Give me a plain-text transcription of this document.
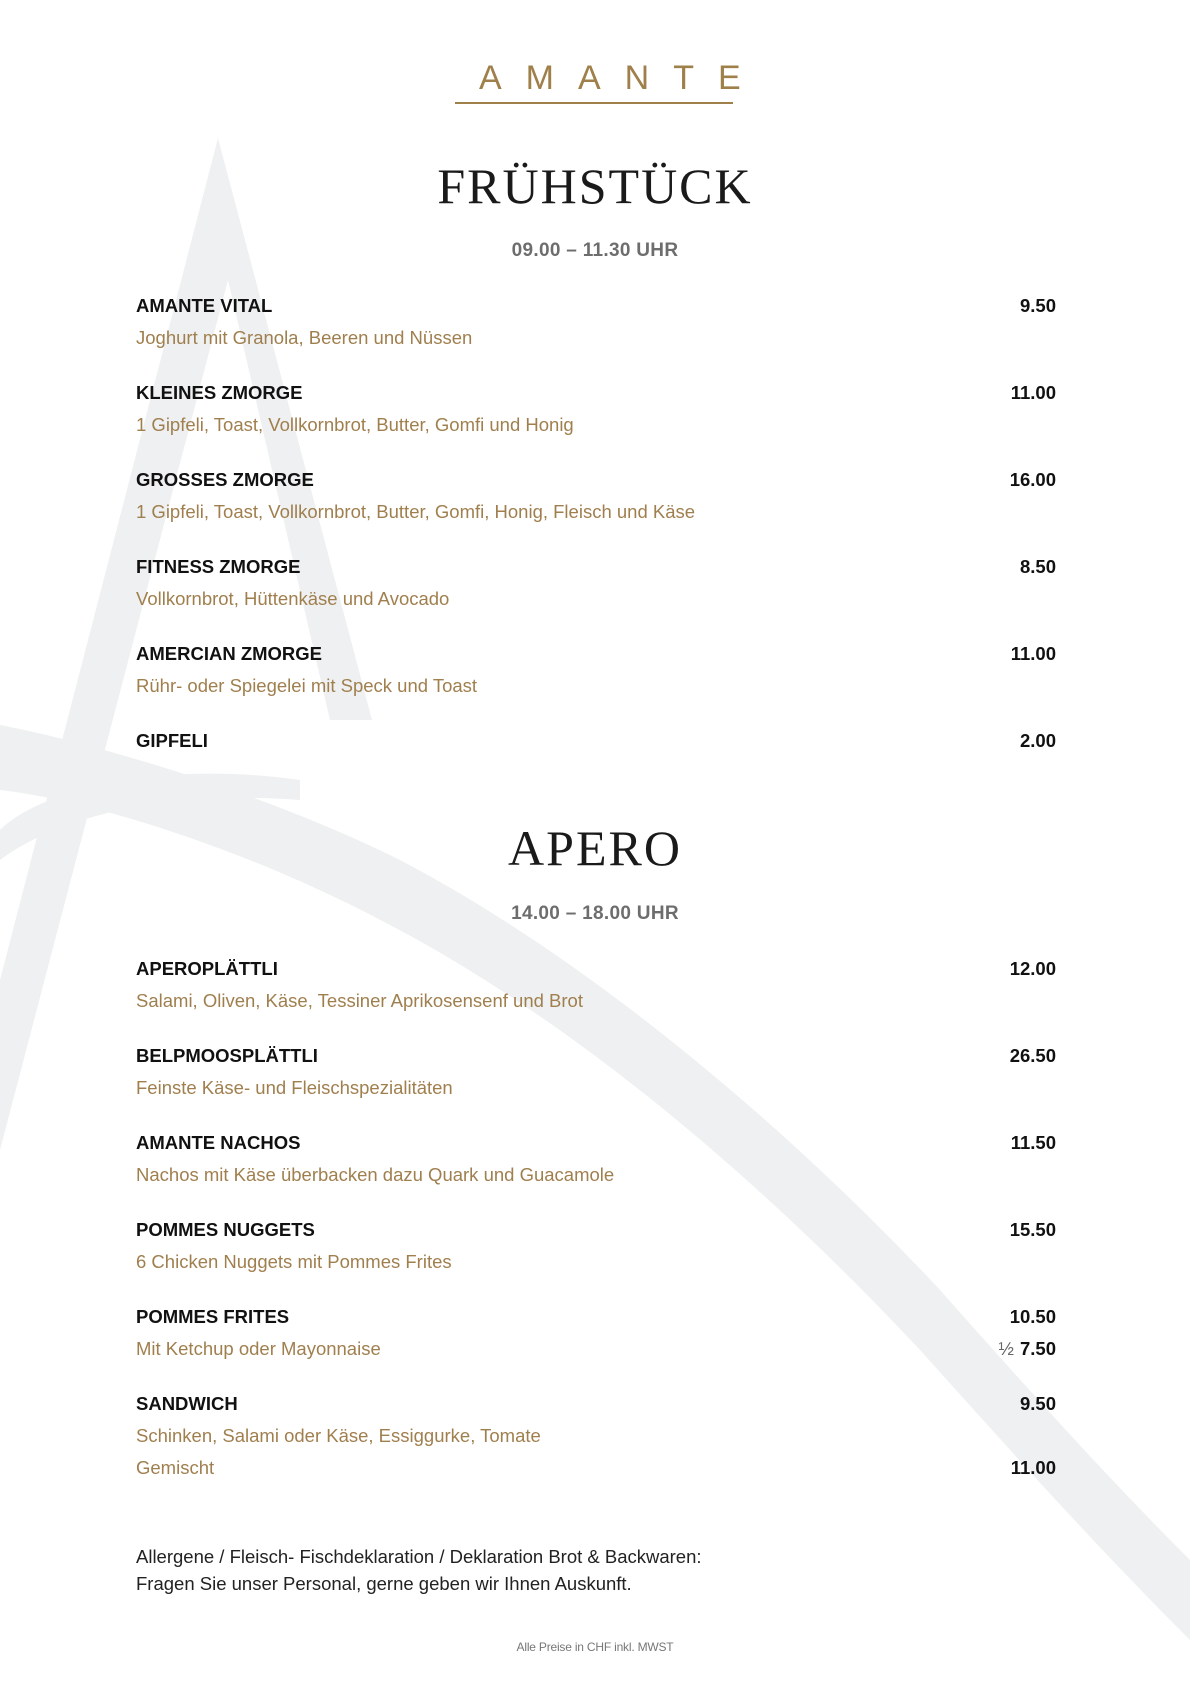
AMANTE
FRÜHSTÜCK
09.00 – 11.30 UHR
AMANTE VITAL
Joghurt mit Granola, Beeren und Nüssen
9.50
KLEINES ZMORGE
1 Gipfeli, Toast, Vollkornbrot, Butter, Gomfi und Honig
11.00
GROSSES ZMORGE
1 Gipfeli, Toast, Vollkornbrot, Butter, Gomfi, Honig, Fleisch und Käse
16.00
FITNESS ZMORGE
Vollkornbrot, Hüttenkäse und Avocado
8.50
AMERCIAN ZMORGE
Rühr- oder Spiegelei mit Speck und Toast
11.00
GIPFELI	2.00
APERO
14.00 – 18.00 UHR
APEROPLÄTTLI
Salami, Oliven, Käse, Tessiner Aprikosensenf und Brot
12.00
BELPMOOSPLÄTTLI
Feinste Käse- und Fleischspezialitäten
26.50
AMANTE NACHOS
Nachos mit Käse überbacken dazu Quark und Guacamole
11.50
POMMES NUGGETS
6 Chicken Nuggets mit Pommes Frites
15.50
POMMES FRITES
Mit Ketchup oder Mayonnaise
10.50
½ 7.50
SANDWICH
Schinken, Salami oder Käse, Essiggurke, Tomate
Gemischt
9.50
11.00
Allergene / Fleisch- Fischdeklaration / Deklaration Brot & Backwaren:
Fragen Sie unser Personal, gerne geben wir Ihnen Auskunft.
Alle Preise in CHF inkl. MWST
